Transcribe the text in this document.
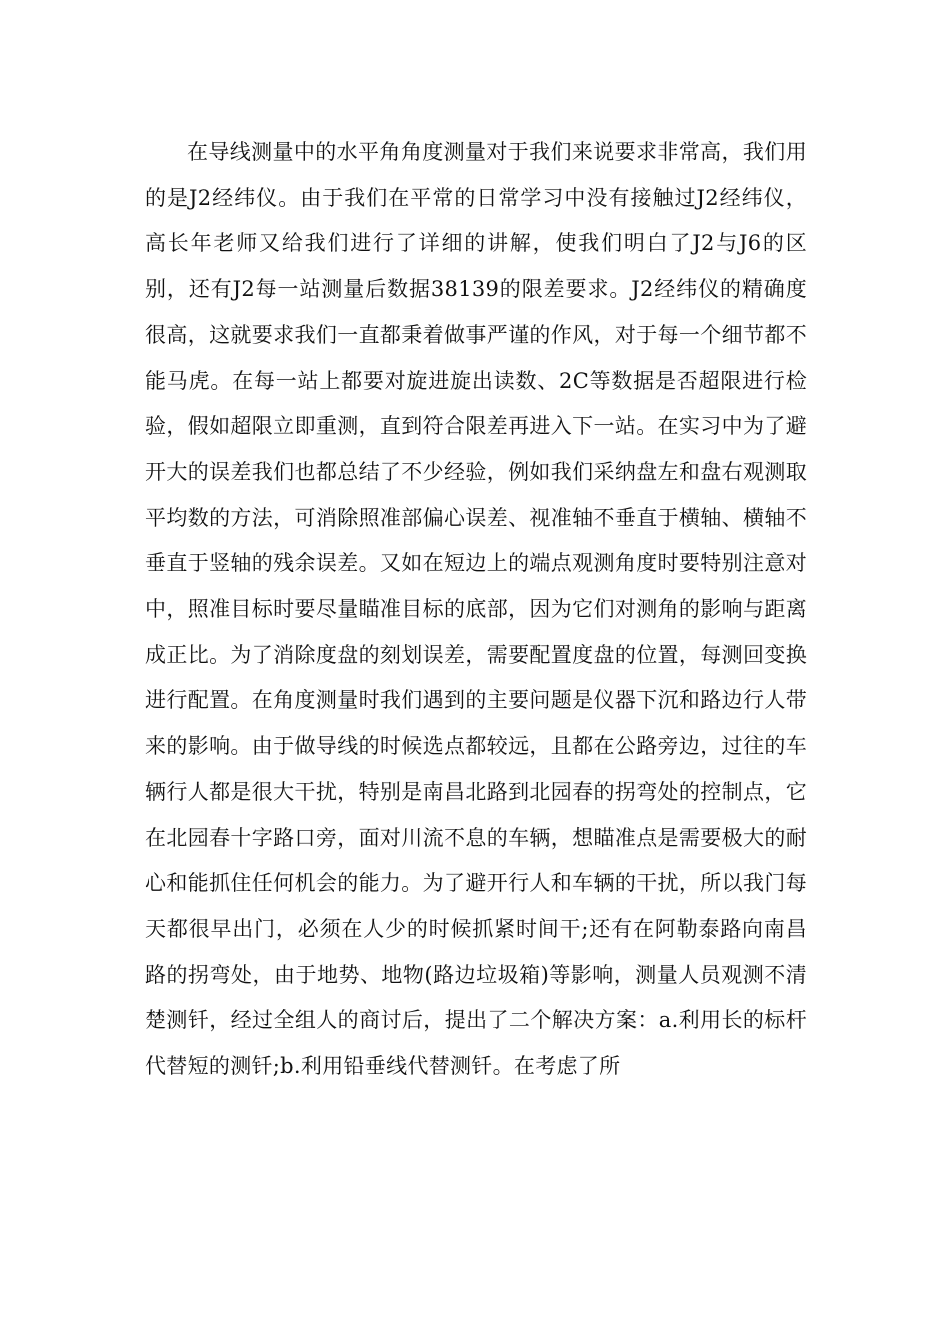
在导线测量中的水平角角度测量对于我们来说要求非常高，我们用的是J2经纬仪。由于我们在平常的日常学习中没有接触过J2经纬仪，高长年老师又给我们进行了详细的讲解，使我们明白了J2与J6的区别，还有J2每一站测量后数据38139的限差要求。J2经纬仪的精确度很高，这就要求我们一直都秉着做事严谨的作风，对于每一个细节都不能马虎。在每一站上都要对旋进旋出读数、2C等数据是否超限进行检验，假如超限立即重测，直到符合限差再进入下一站。在实习中为了避开大的误差我们也都总结了不少经验，例如我们采纳盘左和盘右观测取平均数的方法，可消除照准部偏心误差、视准轴不垂直于横轴、横轴不垂直于竖轴的残余误差。又如在短边上的端点观测角度时要特别注意对中，照准目标时要尽量瞄准目标的底部，因为它们对测角的影响与距离成正比。为了消除度盘的刻划误差，需要配置度盘的位置，每测回变换进行配置。在角度测量时我们遇到的主要问题是仪器下沉和路边行人带来的影响。由于做导线的时候选点都较远，且都在公路旁边，过往的车辆行人都是很大干扰，特别是南昌北路到北园春的拐弯处的控制点，它在北园春十字路口旁，面对川流不息的车辆，想瞄准点是需要极大的耐心和能抓住任何机会的能力。为了避开行人和车辆的干扰，所以我门每天都很早出门，必须在人少的时候抓紧时间干;还有在阿勒泰路向南昌路的拐弯处，由于地势、地物(路边垃圾箱)等影响，测量人员观测不清楚测钎，经过全组人的商讨后，提出了二个解决方案：a.利用长的标杆代替短的测钎;b.利用铅垂线代替测钎。在考虑了所
